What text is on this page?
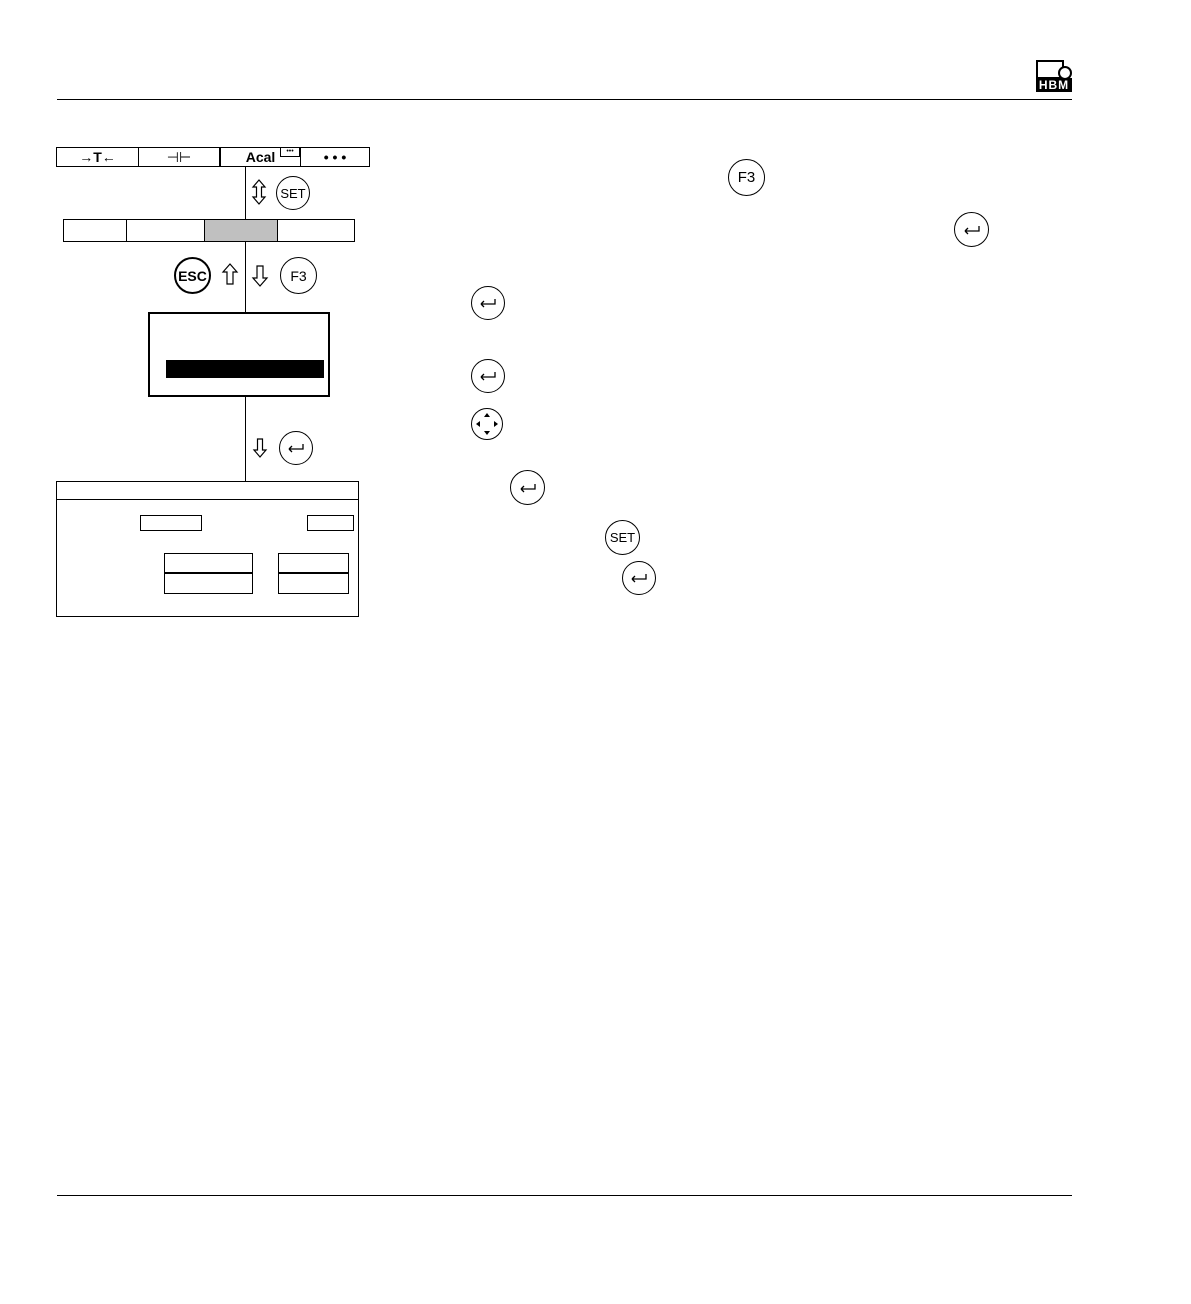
HBM
→T←	⊣⊢	Acal	•••	• • •
SET
ESC	F3
F3
SET
